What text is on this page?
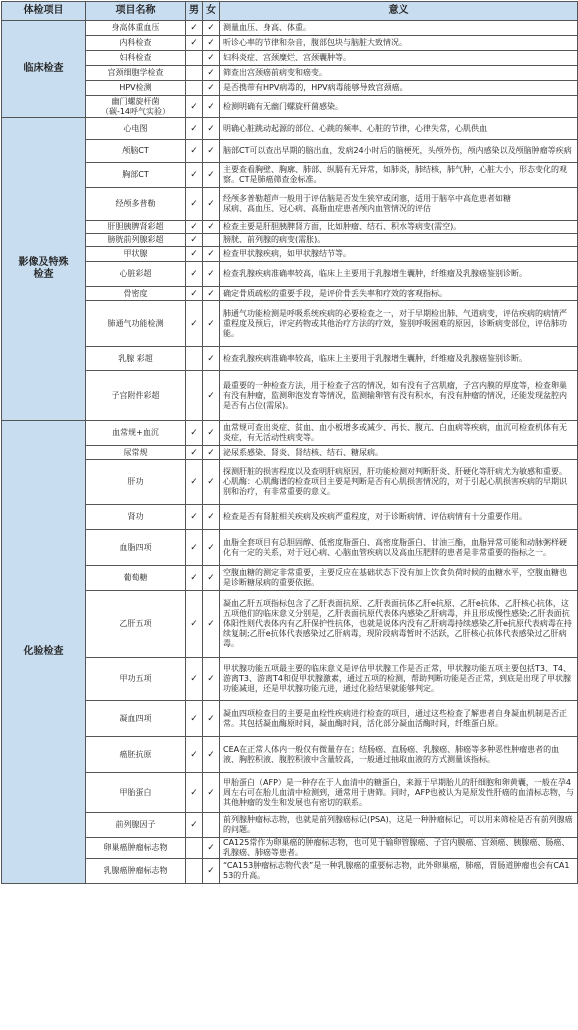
体检项目	项目名称	男	女	意义
临床检查	身高体重血压	✓	✓	测量血压、身高、体重。
	内科检查	✓	✓	听诊心率的节律和杂音，腹部包块与脑脏大致情况。
	妇科检查		✓	妇科炎症、宫颈糜烂、宫颈囊肿等。
	宫颈细胞学检查		✓	筛查出宫颈癌前病变和癌变。
	HPV检测		✓	是否携带有HPV病毒的，HPV病毒能够导致宫颈癌。
	幽门螺旋杆菌
（碳-14呼气实验）	✓	✓	检测明确有无幽门螺旋杆菌感染。
影像及特殊
检查	心电图	✓	✓	明确心脏跳动起源的部位、心跳的频率、心脏的节律，心律失常，心肌供血
	颅脑CT	✓	✓	脑部CT可以查出早期的脑出血，发病24小时后的脑梗死，头颅外伤，颅内感染以及颅脑肿瘤等疾病
	胸部CT	✓	✓	主要查看胸壁、胸廓、肺部、纵膈有无异常，如肺炎，肺结核，肺气肿，心脏大小，形态变化的观察。CT是肺癌筛查金标准。
	经颅多普勒	✓	✓	经颅多普勒超声一般用于评估脑是否发生狭窄或闭塞，适用于脑卒中高危患者如糖
尿病、高血压、冠心病、高脂血症患者颅内血管情况的评估
	肝胆胰脾肾彩超	✓	✓	检查主要是肝胆胰脾肾方面，比如肿瘤、结石、积水等病变(需空)。
	膀胱前列腺彩超	✓		膀胱、前列腺的病变(需胀)。
	甲状腺	✓	✓	检查甲状腺疾病，如甲状腺结节等。
	心脏彩超	✓	✓	检查乳腺疾病准确率较高，临床上主要用于乳腺增生囊肿，纤维瘤及乳腺癌鉴别诊断。
	骨密度	✓	✓	确定骨质疏松的重要手段，是评价骨丢失率和疗效的客观指标。
	肺通气功能检测	✓	✓	肺通气功能检测是呼吸系统疾病的必要检查之一，对于早期检出肺、气道病变，评估疾病的病情严重程度及预后，评定药物或其他治疗方法的疗效，鉴别呼吸困难的原因，诊断病变部位，评估肺功能。
	乳腺 彩超		✓	检查乳腺疾病准确率较高，临床上主要用于乳腺增生囊肿，纤维瘤及乳腺癌鉴别诊断。
	子宫附件彩超		✓	最重要的一种检查方法，用于检查子宫的情况，如有没有子宫肌瘤，子宫内膜的厚度等，检查卵巢有没有肿瘤，监测卵泡发育等情况，监测输卵管有没有积水，有没有肿瘤的情况，还能发现盆腔内是否有占位(需尿)。
化验检查	血常规+血沉	✓	✓	血常规可查出炎症、贫血、血小板增多或减少、再长、腹亢、白血病等疾病，血沉可检查机体有无炎症，有无活动性病变等。
	尿常规	✓	✓	泌尿系感染、肾炎、肾结核、结石、糖尿病。
	肝功	✓	✓	探测肝脏的损害程度以及查明肝病原因，肝功能检测对判断肝炎、肝硬化等肝病尤为敏感和重要。心肌酶：心肌酶谱的检查项目主要是判断是否有心肌损害情况的，对于引起心肌损害疾病的早期识别和治疗，有非常重要的意义。
	肾功	✓	✓	检查是否有肾脏相关疾病及疾病严重程度，对于诊断病情、评估病情有十分重要作用。
	血脂四项	✓	✓	血脂全套项目有总胆固醇、低密度脂蛋白、高密度脂蛋白、甘油三酯，血脂异常可能和动脉粥样硬化有一定的关系，对于冠心病、心脑血管疾病以及高血压肥胖的患者是非常重要的指标之一。
	葡萄糖	✓	✓	空腹血糖的测定非常重要，主要反应在基础状态下没有加上饮食负荷时候的血糖水平，空腹血糖也是诊断糖尿病的重要依据。
	乙肝五项	✓	✓	凝血乙肝五项指标包含了乙肝表面抗原、乙肝表面抗体乙肝e抗原、乙肝e抗体、乙肝核心抗体，这五项他们的临床意义分别是，乙肝表面抗原代表体内感染乙肝病毒，并且形成慢性感染;乙肝表面抗体阳性则代表体内有乙肝保护性抗体，也就是说体内没有乙肝病毒持续感染乙肝e抗原代表病毒在持续复制;乙肝e抗体代表感染过乙肝病毒，现阶段病毒暂时不活跃，乙肝核心抗体代表感染过乙肝病毒。
	甲功五项	✓	✓	甲状腺功能五项最主要的临床意义是评估甲状腺工作是否正常，甲状腺功能五项主要包括T3、T4、游离T3、游离T4和促甲状腺激素，通过五项的检测，帮助判断功能是否正常，到底是出现了甲状腺功能减退，还是甲状腺功能亢进，通过化验结果就能够判定。
	凝血四项	✓	✓	凝血四项检查目的主要是血栓性疾病进行检查的项目，通过这些检查了解患者自身凝血机制是否正常。其包括凝血酶原时间，凝血酶时间，活化部分凝血活酶时间，纤维蛋白原。
	癌胚抗原	✓	✓	CEA在正常人体内一般仅有微量存在；结肠癌、直肠癌、乳腺癌、肺癌等多种恶性肿瘤患者的血液、胸腔积液、腹腔积液中含量较高，一般通过抽取血液的方式测量该指标。
	甲胎蛋白	✓	✓	甲胎蛋白（AFP）是一种存在于人血清中的糖蛋白，来源于早期胎儿的肝细胞和卵黄囊，一般在孕4周左右可在胎儿血清中检测到，通常用于唐筛。同时，AFP也被认为是原发性肝癌的血清标志物，与其他肿瘤的发生和发展也有密切的联系。
	前列腺因子	✓		前列腺肿瘤标志物，也就是前列腺癌标记(PSA)，这是一种肿瘤标记，可以用来筛检是否有前列腺癌的问题。
	卵巢癌肿瘤标志物		✓	CA125常作为卵巢癌的肿瘤标志物，也可见于输卵管腺癌、子宫内膜癌、宫颈癌、胰腺癌、肠癌、乳腺癌、肺癌等患者。
	乳腺癌肿瘤标志物		✓	“CA153肿瘤标志物代表”是一种乳腺癌的重要标志物，此外卵巢癌，肺癌，胃肠道肿瘤也会有CA153的升高。
